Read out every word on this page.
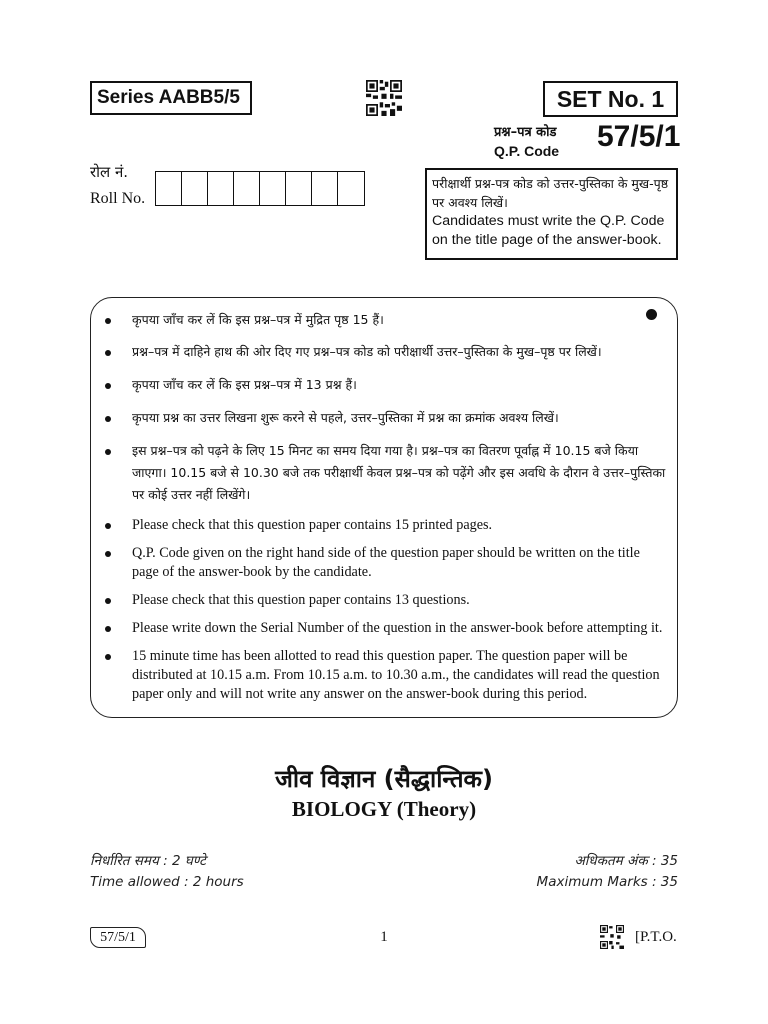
Series AABB5/5	SET No. 1
प्रश्न–पत्र कोड
Q.P. Code 57/5/1
रोल नं.
Roll No.
परीक्षार्थी प्रश्न-पत्र कोड को उत्तर-पुस्तिका के मुख-पृष्ठ पर अवश्य लिखें।
Candidates must write the Q.P. Code on the title page of the answer-book.
कृपया जाँच कर लें कि इस प्रश्न–पत्र में मुद्रित पृष्ठ 15 हैं।
प्रश्न–पत्र में दाहिने हाथ की ओर दिए गए प्रश्न–पत्र कोड को परीक्षार्थी उत्तर–पुस्तिका के मुख–पृष्ठ पर लिखें।
कृपया जाँच कर लें कि इस प्रश्न–पत्र में 13 प्रश्न हैं।
कृपया प्रश्न का उत्तर लिखना शुरू करने से पहले, उत्तर–पुस्तिका में प्रश्न का क्रमांक अवश्य लिखें।
इस प्रश्न–पत्र को पढ़ने के लिए 15 मिनट का समय दिया गया है। प्रश्न–पत्र का वितरण पूर्वाह्न में 10.15 बजे किया जाएगा। 10.15 बजे से 10.30 बजे तक परीक्षार्थी केवल प्रश्न–पत्र को पढ़ेंगे और इस अवधि के दौरान वे उत्तर–पुस्तिका पर कोई उत्तर नहीं लिखेंगे।
Please check that this question paper contains 15 printed pages.
Q.P. Code given on the right hand side of the question paper should be written on the title page of the answer-book by the candidate.
Please check that this question paper contains 13 questions.
Please write down the Serial Number of the question in the answer-book before attempting it.
15 minute time has been allotted to read this question paper. The question paper will be distributed at 10.15 a.m. From 10.15 a.m. to 10.30 a.m., the candidates will read the question paper only and will not write any answer on the answer-book during this period.
जीव विज्ञान (सैद्धान्तिक)
BIOLOGY (Theory)
निर्धारित समय : 2 घण्टे
Time allowed : 2 hours
अधिकतम अंक : 35
Maximum Marks : 35
57/5/1	1	[P.T.O.
